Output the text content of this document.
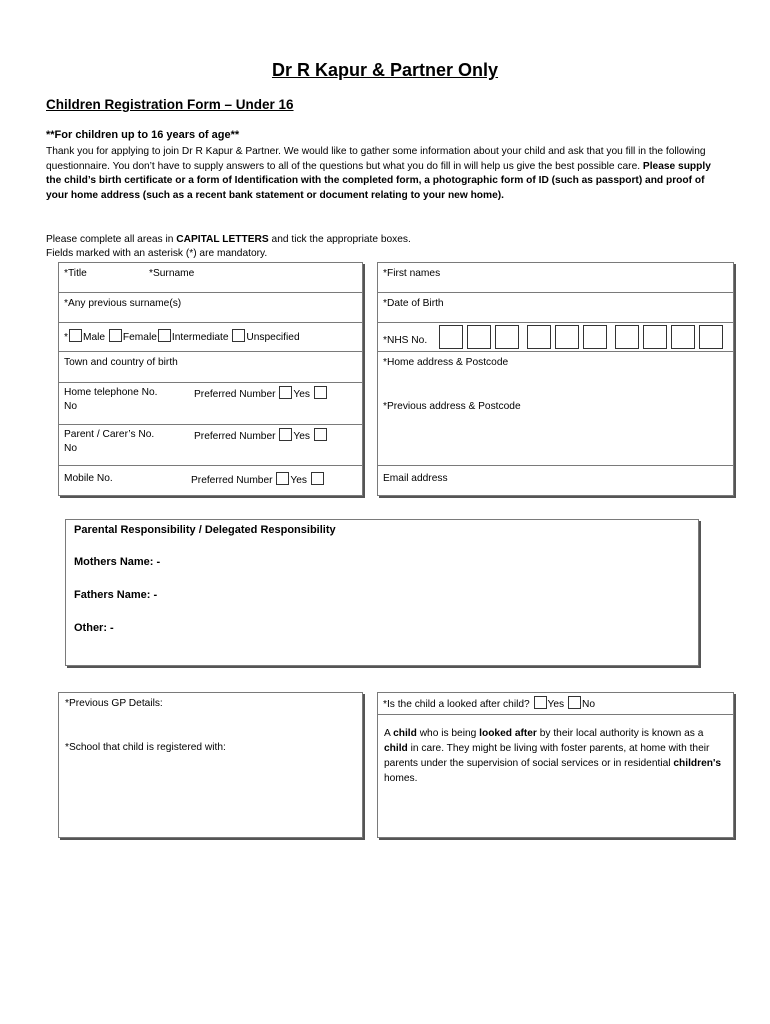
Dr R Kapur & Partner Only
Children Registration Form – Under 16
**For children up to 16 years of age**
Thank you for applying to join Dr R Kapur & Partner. We would like to gather some information about your child and ask that you fill in the following questionnaire. You don’t have to supply answers to all of the questions but what you do fill in will help us give the best possible care. Please supply the child’s birth certificate or a form of Identification with the completed form, a photographic form of ID (such as passport) and proof of your home address (such as a recent bank statement or document relating to your new home).
Please complete all areas in CAPITAL LETTERS and tick the appropriate boxes.
Fields marked with an asterisk (*) are mandatory.
*Title	*Surname
*Any previous surname(s)
* Male Female Intermediate Unspecified
Town and country of birth
Home telephone No.	Preferred Number Yes
No
Parent / Carer’s No.	Preferred Number Yes
No
Mobile No.	Preferred Number Yes
*First names
*Date of Birth
*NHS No.
*Home address & Postcode
*Previous address & Postcode
Email address
Parental Responsibility / Delegated Responsibility
Mothers Name: -
Fathers Name: -
Other: -
*Previous GP Details:
*School that child is registered with:
*Is the child a looked after child? Yes No
A child who is being looked after by their local authority is known as a child in care. They might be living with foster parents, at home with their parents under the supervision of social services or in residential children's homes.
